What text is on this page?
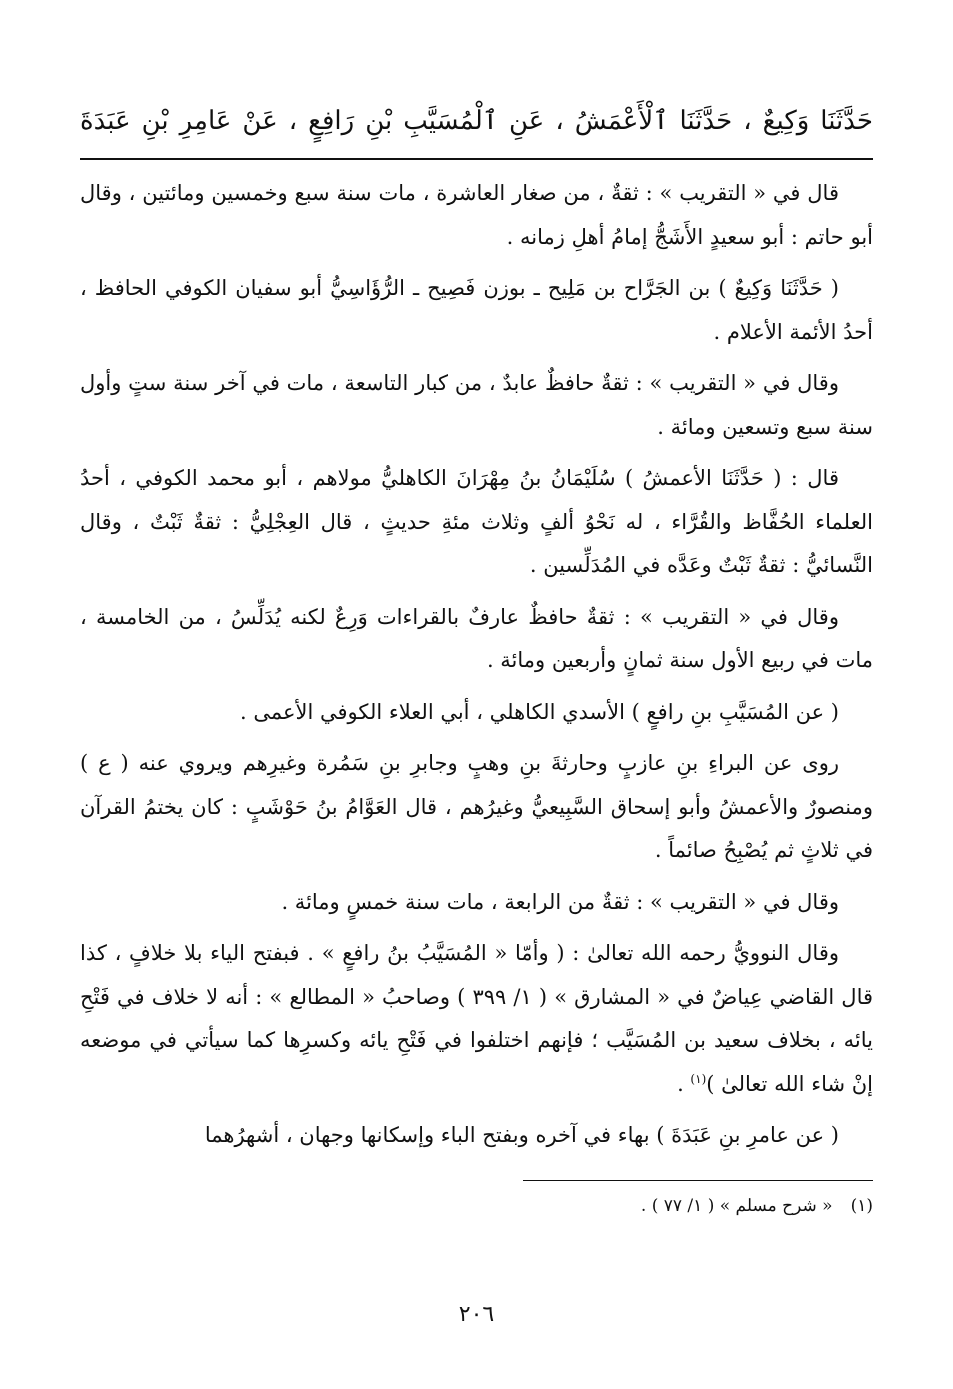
حَدَّثَنَا وَكِيعٌ ، حَدَّثَنَا ٱلْأَعْمَشُ ، عَنِ ٱلْمُسَيَّبِ بْنِ رَافِعٍ ، عَنْ عَامِرِ بْنِ عَبَدَةَ

قال في « التقريب » : ثقةٌ ، من صغار العاشرة ، مات سنة سبع وخمسين ومائتين ، وقال أبو حاتم : أبو سعيدٍ الأَشَجُّ إمامُ أهلِ زمانه .

( حَدَّثَنَا وَكِيعٌ ) بن الجَرَّاح بن مَلِيح ـ بوزن فَصِيح ـ الرُّؤَاسِيُّ أبو سفيان الكوفي الحافظ ، أحدُ الأئمة الأعلام .

وقال في « التقريب » : ثقةٌ حافظٌ عابدٌ ، من كبار التاسعة ، مات في آخر سنة ستٍ وأول سنة سبع وتسعين ومائة .

قال : ( حَدَّثَنَا الأعمشُ ) سُلَيْمَانُ بنُ مِهْرَانَ الكاهليُّ مولاهم ، أبو محمد الكوفي ، أحدُ العلماء الحُفَّاظ والقُرَّاء ، له نَحْوُ ألفٍ وثلاث مئةِ حديثٍ ، قال العِجْلِيُّ : ثقةٌ ثَبْتٌ ، وقال النَّسائيُّ : ثقةٌ ثَبْتٌ وعَدَّه في المُدَلِّسين .

وقال في « التقريب » : ثقةٌ حافظٌ عارفٌ بالقراءات وَرِعٌ لكنه يُدَلِّسُ ، من الخامسة ، مات في ربيع الأول سنة ثمانٍ وأربعين ومائة .

( عن المُسَيَّبِ بنِ رافعٍ ) الأسدي الكاهلي ، أبي العلاء الكوفي الأعمى .

روى عن البراءِ بنِ عازبٍ وحارثةَ بنِ وهبٍ وجابرِ بنِ سَمُرة وغيرِهم ويروي عنه ( ع ) ومنصورٌ والأعمشُ وأبو إسحاق السَّبِيعيُّ وغيرُهم ، قال العَوَّامُ بنُ حَوْشَبٍ : كان يختمُ القرآن في ثلاثٍ ثم يُصْبِحُ صائماً .

وقال في « التقريب » : ثقةٌ من الرابعة ، مات سنة خمسٍ ومائة .

وقال النوويُّ رحمه الله تعالىٰ : ( وأمّا « المُسَيَّبُ بنُ رافعٍ » . فبفتح الياء بلا خلافٍ ، كذا قال القاضي عِياضٌ في « المشارق » ( ١/ ٣٩٩ ) وصاحبُ « المطالع » : أنه لا خلاف في فَتْحِ يائه ، بخلاف سعيد بن المُسَيَّب ؛ فإنهم اختلفوا في فَتْحِ يائه وكسرِها كما سيأتي في موضعه إنْ شاء الله تعالىٰ )$^{(١)}$ .

( عن عامرِ بنِ عَبَدَةَ ) بهاء في آخره وبفتح الباء وإسكانها وجهان ، أشهرُهما

(١)« شرح مسلم » ( ١/ ٧٧ ) .

٢٠٦
